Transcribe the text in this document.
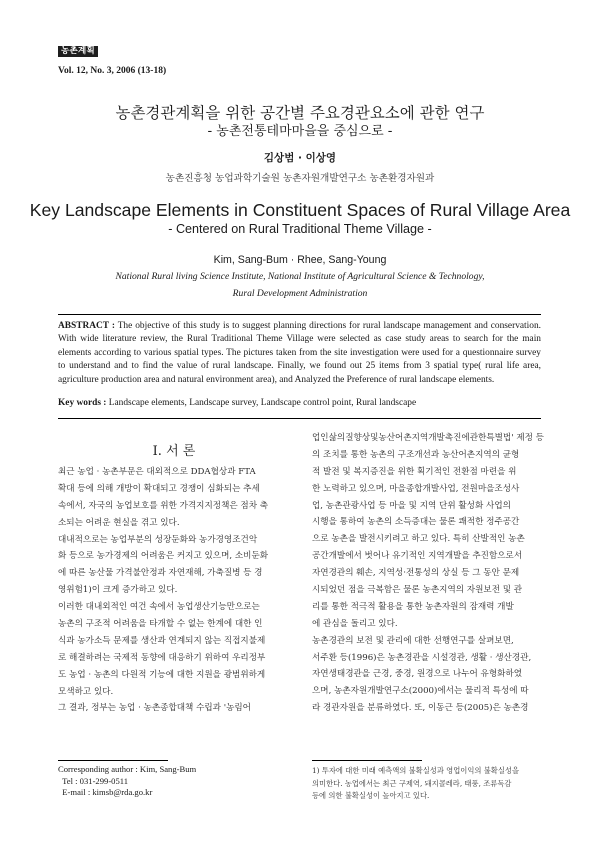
농촌계획
Vol. 12, No. 3, 2006 (13-18)
농촌경관계획을 위한 공간별 주요경관요소에 관한 연구
- 농촌전통테마마을을 중심으로 -
김상범 · 이상영
농촌진흥청 농업과학기술원 농촌자원개발연구소 농촌환경자원과
Key Landscape Elements in Constituent Spaces of Rural Village Area
- Centered on Rural Traditional Theme Village -
Kim, Sang-Bum · Rhee, Sang-Young
National Rural living Science Institute, National Institute of Agricultural Science & Technology,
Rural Development Administration
ABSTRACT : The objective of this study is to suggest planning directions for rural landscape management and conservation. With wide literature review, the Rural Traditional Theme Village were selected as case study areas to search for the main elements according to various spatial types. The pictures taken from the site investigation were used for a questionnaire survey to understand and to find the value of rural landscape. Finally, we found out 25 items from 3 spatial type( rural life area, agriculture production area and natural environment area), and Analyzed the Preference of rural landscape elements.
Key words : Landscape elements, Landscape survey, Landscape control point, Rural landscape
I. 서 론
최근 농업 · 농촌부문은 대외적으로 DDA협상과 FTA
확대 등에 의해 개방이 확대되고 경쟁이 심화되는 추세
속에서, 자국의 농업보호를 위한 가격지지정책은 점차 축
소되는 어려운 현실을 겪고 있다.
대내적으로는 농업부분의 성장둔화와 농가경영조건악
화 등으로 농가경제의 어려움은 커지고 있으며, 소비둔화
에 따른 농산물 가격불안정과 자연재해, 가축질병 등 경
영위험1)이 크게 증가하고 있다.
이러한 대내외적인 여건 속에서 농업생산기능만으로는
농촌의 구조적 어려움을 타개할 수 없는 한계에 대한 인
식과 농가소득 문제를 생산과 연계되지 않는 직접지불제
로 해결하려는 국제적 동향에 대응하기 위하여 우리정부
도 농업 · 농촌의 다원적 기능에 대한 지원을 광범위하게
모색하고 있다.
그 결과, 정부는 농업 · 농촌종합대책 수립과 '농림어
업인삶의질향상및농산어촌지역개발촉진에관한특별법' 제정 등
의 조치를 통한 농촌의 구조개선과 농산어촌지역의 균형
적 발전 및 복지증진을 위한 획기적인 전환점 마련을 위
한 노력하고 있으며, 마을종합개발사업, 전원마을조성사
업, 농촌관광사업 등 마을 및 지역 단위 활성화 사업의
시행을 통하여 농촌의 소득증대는 물론 쾌적한 정주공간
으로 농촌을 발전시키려고 하고 있다. 특히 산발적인 농촌
공간개발에서 벗어나 유기적인 지역개발을 추진함으로서
자연경관의 훼손, 지역성·전통성의 상실 등 그 동안 문제
시되었던 점을 극복함은 물론 농촌지역의 자원보전 및 관
리를 통한 적극적 활용을 통한 농촌자원의 잠재력 개발
에 관심을 돌리고 있다.
농촌경관의 보전 및 관리에 대한 선행연구를 살펴보면,
서주환 등(1996)은 농촌경관을 시설경관, 생활 · 생산경관,
자연생태경관을 근경, 중경, 원경으로 나누어 유형화하였
으며, 농촌자원개발연구소(2000)에서는 물리적 특성에 따
라 경관자원을 분류하였다. 또, 이동근 등(2005)은 농촌경
Corresponding author : Kim, Sang-Bum
Tel : 031-299-0511
E-mail : kimsb@rda.go.kr
1) 투자에 대한 미래 예측액의 불확실성과 영업이익의 불확실성을
의미한다. 농업에서는 최근 구제역, 돼지콜레라, 태풍, 조류독감
등에 의한 불확실성이 높아지고 있다.
